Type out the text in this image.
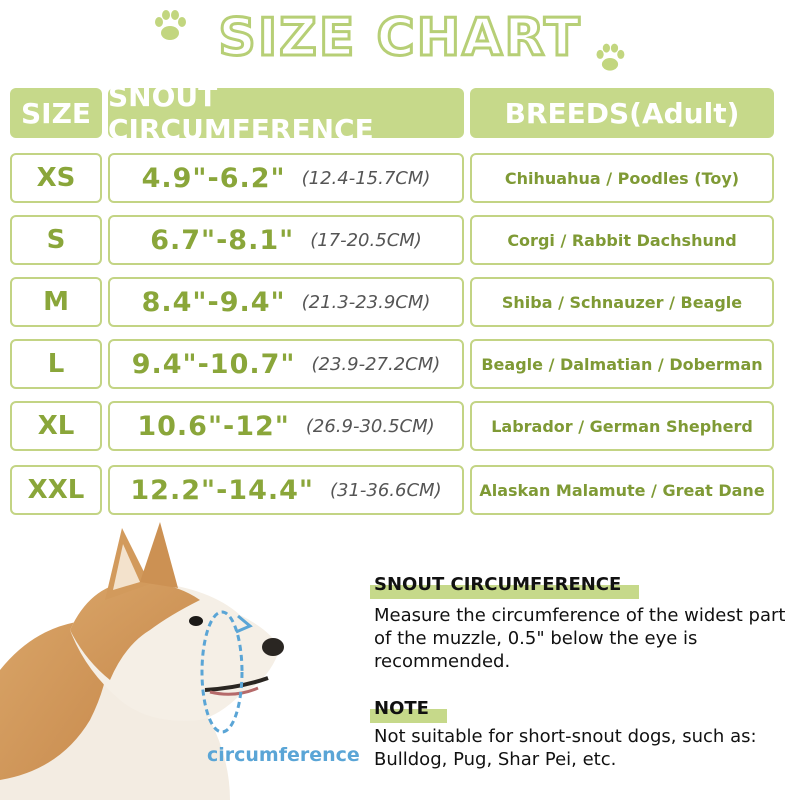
SIZE CHART
SIZE SNOUT CIRCUMFERENCE	BREEDS(Adult)
XS 4.9"-6.2" (12.4-15.7CM)	Chihuahua / Poodles (Toy)
S	6.7"-8.1" (17-20.5CM)	Corgi / Rabbit Dachshund
M	8.4"-9.4" (21.3-23.9CM)	Shiba / Schnauzer / Beagle
L 9.4"-10.7" (23.9-27.2CM)	Beagle / Dalmatian / Doberman
XL 10.6"-12" (26.9-30.5CM)	Labrador / German Shepherd
XXL 12.2"-14.4" (31-36.6CM) Alaskan Malamute / Great Dane
circumference
SNOUT CIRCUMFERENCE
Measure the circumference of the widest part of the muzzle, 0.5" below the eye is recommended.
NOTE
Not suitable for short-snout dogs, such as: Bulldog, Pug, Shar Pei, etc.
